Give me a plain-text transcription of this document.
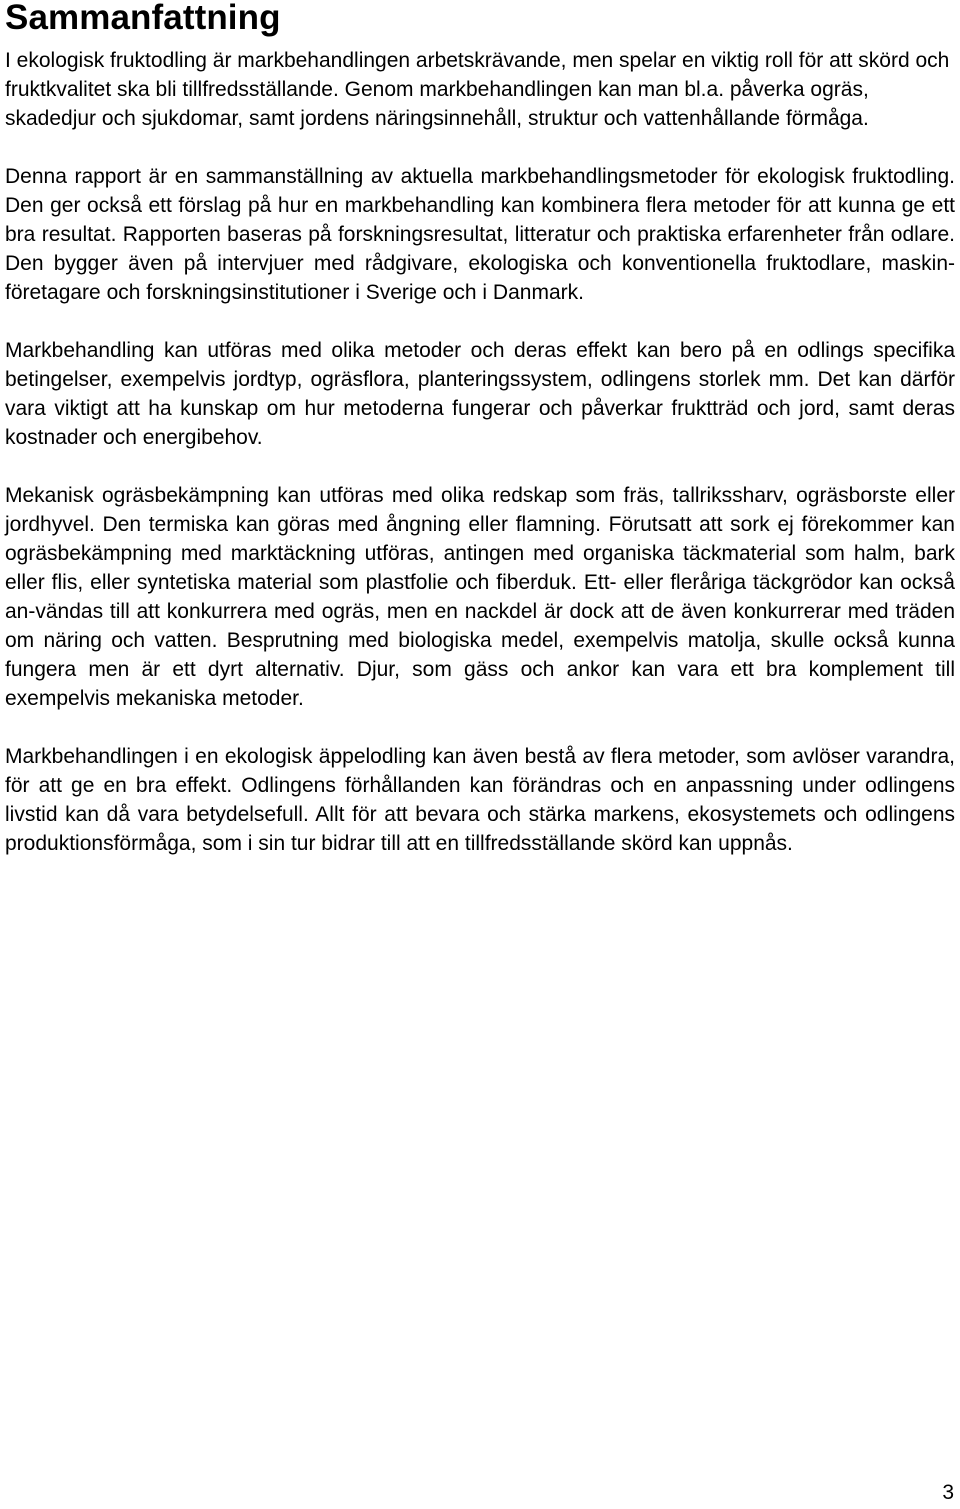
Sammanfattning

I ekologisk fruktodling är markbehandlingen arbetskrävande, men spelar en viktig roll för att skörd och fruktkvalitet ska bli tillfredsställande. Genom markbehandlingen kan man bl.a. påverka ogräs, skadedjur och sjukdomar, samt jordens näringsinnehåll, struktur och vattenhållande förmåga.

Denna rapport är en sammanställning av aktuella markbehandlingsmetoder för ekologisk fruktodling. Den ger också ett förslag på hur en markbehandling kan kombinera flera metoder för att kunna ge ett bra resultat. Rapporten baseras på forskningsresultat, litteratur och praktiska erfarenheter från odlare. Den bygger även på intervjuer med rådgivare, ekologiska och konventionella fruktodlare, maskin-företagare och forskningsinstitutioner i Sverige och i Danmark.

Markbehandling kan utföras med olika metoder och deras effekt kan bero på en odlings specifika betingelser, exempelvis jordtyp, ogräsflora, planteringssystem, odlingens storlek mm. Det kan därför vara viktigt att ha kunskap om hur metoderna fungerar och påverkar fruktträd och jord, samt deras kostnader och energibehov.

Mekanisk ogräsbekämpning kan utföras med olika redskap som fräs, tallrikssharv, ogräsborste eller jordhyvel. Den termiska kan göras med ångning eller flamning. Förutsatt att sork ej förekommer kan ogräsbekämpning med marktäckning utföras, antingen med organiska täckmaterial som halm, bark eller flis, eller syntetiska material som plastfolie och fiberduk. Ett- eller fleråriga täckgrödor kan också an-vändas till att konkurrera med ogräs, men en nackdel är dock att de även konkurrerar med träden om näring och vatten. Besprutning med biologiska medel, exempelvis matolja, skulle också kunna fungera men är ett dyrt alternativ. Djur, som gäss och ankor kan vara ett bra komplement till exempelvis mekaniska metoder.

Markbehandlingen i en ekologisk äppelodling kan även bestå av flera metoder, som avlöser varandra, för att ge en bra effekt. Odlingens förhållanden kan förändras och en anpassning under odlingens livstid kan då vara betydelsefull. Allt för att bevara och stärka markens, ekosystemets och odlingens produktionsförmåga, som i sin tur bidrar till att en tillfredsställande skörd kan uppnås.

3
